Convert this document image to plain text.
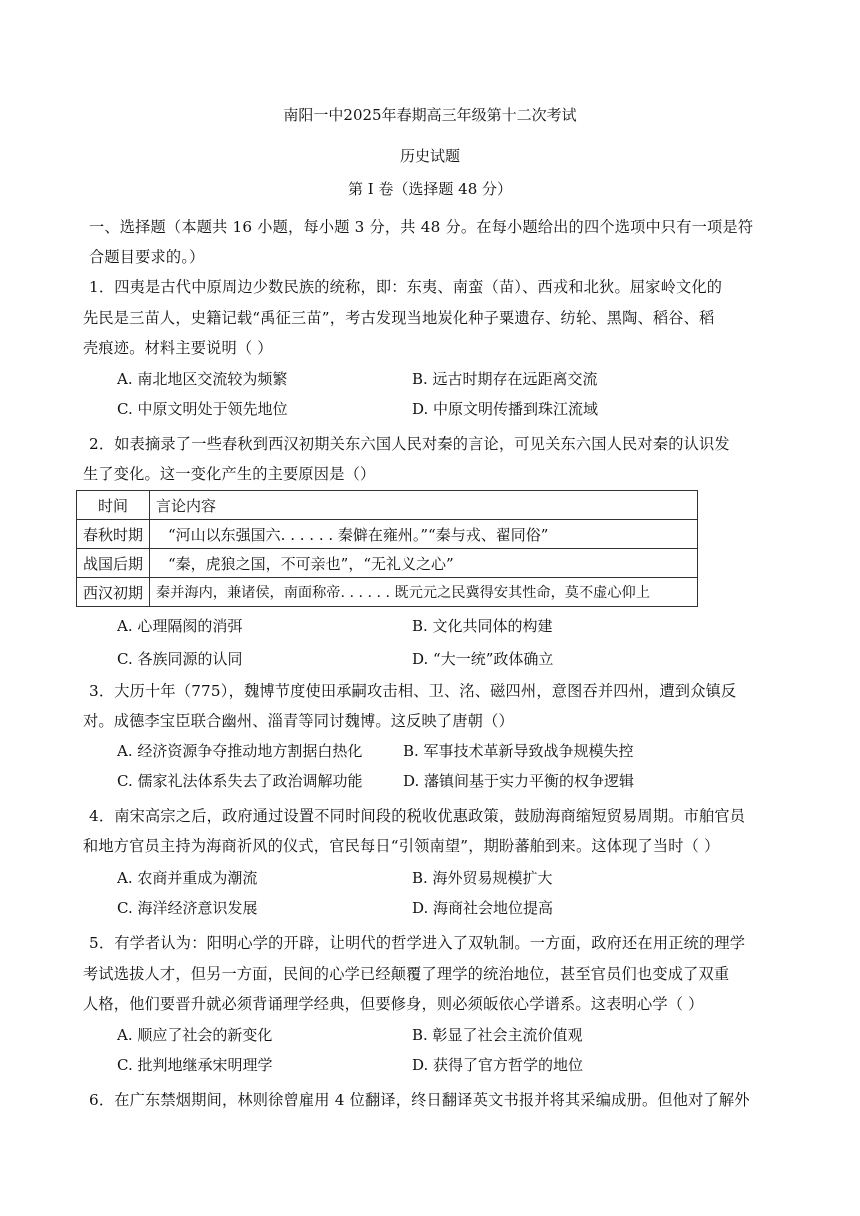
南阳一中2025年春期高三年级第十二次考试
历史试题
第 I 卷（选择题 48 分）
一、选择题（本题共 16 小题，每小题 3 分，共 48 分。在每小题给出的四个选项中只有一项是符
合题目要求的。）
1．四夷是古代中原周边少数民族的统称，即：东夷、南蛮（苗）、西戎和北狄。屈家岭文化的
先民是三苗人，史籍记载“禹征三苗”，考古发现当地炭化种子粟遗存、纺轮、黑陶、稻谷、稻
壳痕迹。材料主要说明（ ）
A. 南北地区交流较为频繁	B. 远古时期存在远距离交流
C. 中原文明处于领先地位	D. 中原文明传播到珠江流域
2．如表摘录了一些春秋到西汉初期关东六国人民对秦的言论，可见关东六国人民对秦的认识发
生了变化。这一变化产生的主要原因是（）
时间	言论内容
春秋时期	“河山以东强国六. . . . . . 秦僻在雍州。”“秦与戎、翟同俗”
战国后期	“秦，虎狼之国，不可亲也”，“无礼义之心”
西汉初期	秦并海内，兼诸侯，南面称帝. . . . . . 既元元之民冀得安其性命，莫不虚心仰上
A. 心理隔阂的消弭	B. 文化共同体的构建
C. 各族同源的认同	D. “大一统”政体确立
3．大历十年（775），魏博节度使田承嗣攻击相、卫、洺、磁四州，意图吞并四州，遭到众镇反
对。成德李宝臣联合幽州、淄青等同讨魏博。这反映了唐朝（）
A. 经济资源争夺推动地方割据白热化	B. 军事技术革新导致战争规模失控
C. 儒家礼法体系失去了政治调解功能	D. 藩镇间基于实力平衡的权争逻辑
4．南宋高宗之后，政府通过设置不同时间段的税收优惠政策，鼓励海商缩短贸易周期。市舶官员
和地方官员主持为海商祈风的仪式，官民每日“引领南望”，期盼蕃舶到来。这体现了当时（ ）
A. 农商并重成为潮流	B. 海外贸易规模扩大
C. 海洋经济意识发展	D. 海商社会地位提高
5．有学者认为：阳明心学的开辟，让明代的哲学进入了双轨制。一方面，政府还在用正统的理学
考试选拔人才，但另一方面，民间的心学已经颠覆了理学的统治地位，甚至官员们也变成了双重
人格，他们要晋升就必须背诵理学经典，但要修身，则必须皈依心学谱系。这表明心学（ ）
A. 顺应了社会的新变化	B. 彰显了社会主流价值观
C. 批判地继承宋明理学	D. 获得了官方哲学的地位
6．在广东禁烟期间，林则徐曾雇用 4 位翻译，终日翻译英文书报并将其采编成册。但他对了解外
